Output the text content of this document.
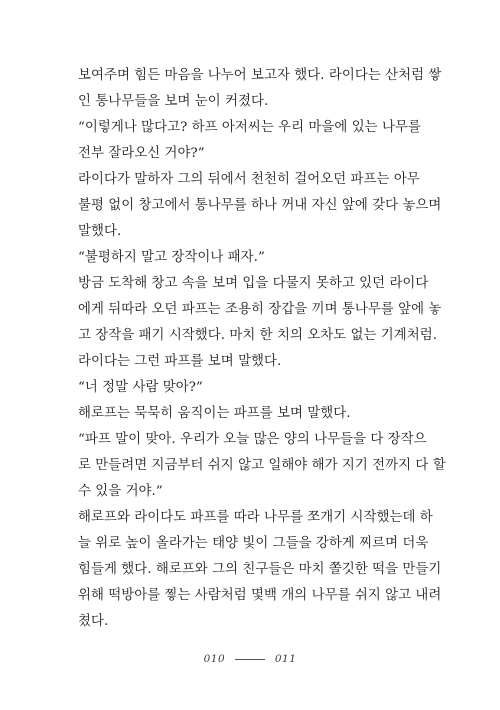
보여주며 힘든 마음을 나누어 보고자 했다. 라이다는 산처럼 쌓
인 통나무들을 보며 눈이 커졌다.
“이렇게나 많다고? 하프 아저씨는 우리 마을에 있는 나무를
전부 잘라오신 거야?”
라이다가 말하자 그의 뒤에서 천천히 걸어오던 파프는 아무
불평 없이 창고에서 통나무를 하나 꺼내 자신 앞에 갖다 놓으며
말했다.
“불평하지 말고 장작이나 패자.”
방금 도착해 창고 속을 보며 입을 다물지 못하고 있던 라이다
에게 뒤따라 오던 파프는 조용히 장갑을 끼며 통나무를 앞에 놓
고 장작을 패기 시작했다. 마치 한 치의 오차도 없는 기계처럼.
라이다는 그런 파프를 보며 말했다.
“너 정말 사람 맞아?”
해로프는 묵묵히 움직이는 파프를 보며 말했다.
“파프 말이 맞아. 우리가 오늘 많은 양의 나무들을 다 장작으
로 만들려면 지금부터 쉬지 않고 일해야 해가 지기 전까지 다 할
수 있을 거야.”
해로프와 라이다도 파프를 따라 나무를 쪼개기 시작했는데 하
늘 위로 높이 올라가는 태양 빛이 그들을 강하게 찌르며 더욱
힘들게 했다. 해로프와 그의 친구들은 마치 쫄깃한 떡을 만들기
위해 떡방아를 찧는 사람처럼 몇백 개의 나무를 쉬지 않고 내려
쳤다.
010	011
